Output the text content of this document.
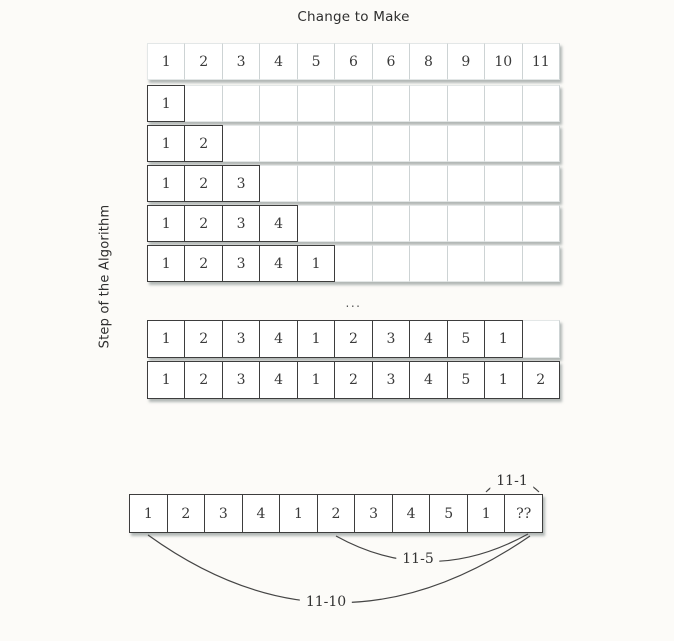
Change to Make
Step of the Algorithm
1	2	3	4	5	6	6	8	9	10	11
1
1	2
1	2	3
1	2	3	4
1	2	3	4	1
...
1	2	3	4	1	2	3	4	5	1
1	2	3	4	1	2	3	4	5	1	2
1	2	3	4	1	2	3	4	5	1	??
11-1
11-5
11-10
